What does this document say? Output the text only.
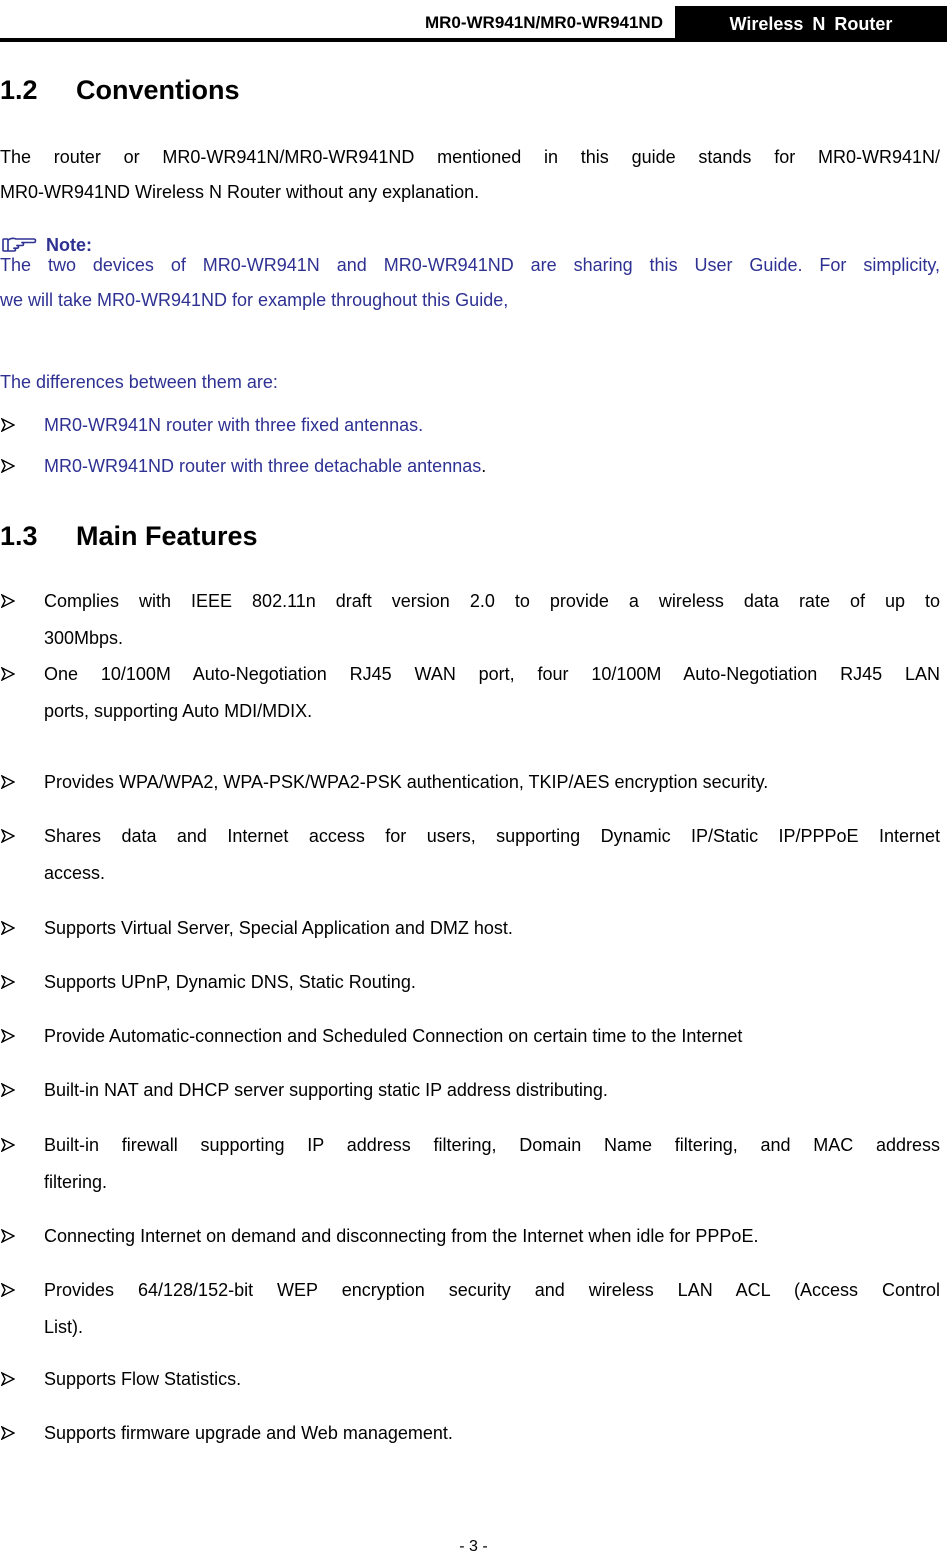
MR0-WR941N/MR0-WR941ND	Wireless N Router
1.2 Conventions
The router or MR0-WR941N/MR0-WR941ND mentioned in this guide stands for MR0-WR941N/
MR0-WR941ND Wireless N Router without any explanation.
Note:
The two devices of MR0-WR941N and MR0-WR941ND are sharing this User Guide. For simplicity,
we will take MR0-WR941ND for example throughout this Guide,
The differences between them are:
MR0-WR941N router with three fixed antennas.
MR0-WR941ND router with three detachable antennas.
1.3 Main Features
Complies with IEEE 802.11n draft version 2.0 to provide a wireless data rate of up to
300Mbps.
One 10/100M Auto-Negotiation RJ45 WAN port, four 10/100M Auto-Negotiation RJ45 LAN
ports, supporting Auto MDI/MDIX.
Provides WPA/WPA2, WPA-PSK/WPA2-PSK authentication, TKIP/AES encryption security.
Shares data and Internet access for users, supporting Dynamic IP/Static IP/PPPoE Internet
access.
Supports Virtual Server, Special Application and DMZ host.
Supports UPnP, Dynamic DNS, Static Routing.
Provide Automatic-connection and Scheduled Connection on certain time to the Internet
Built-in NAT and DHCP server supporting static IP address distributing.
Built-in firewall supporting IP address filtering, Domain Name filtering, and MAC address
filtering.
Connecting Internet on demand and disconnecting from the Internet when idle for PPPoE.
Provides 64/128/152-bit WEP encryption security and wireless LAN ACL (Access Control
List).
Supports Flow Statistics.
Supports firmware upgrade and Web management.
- 3 -
